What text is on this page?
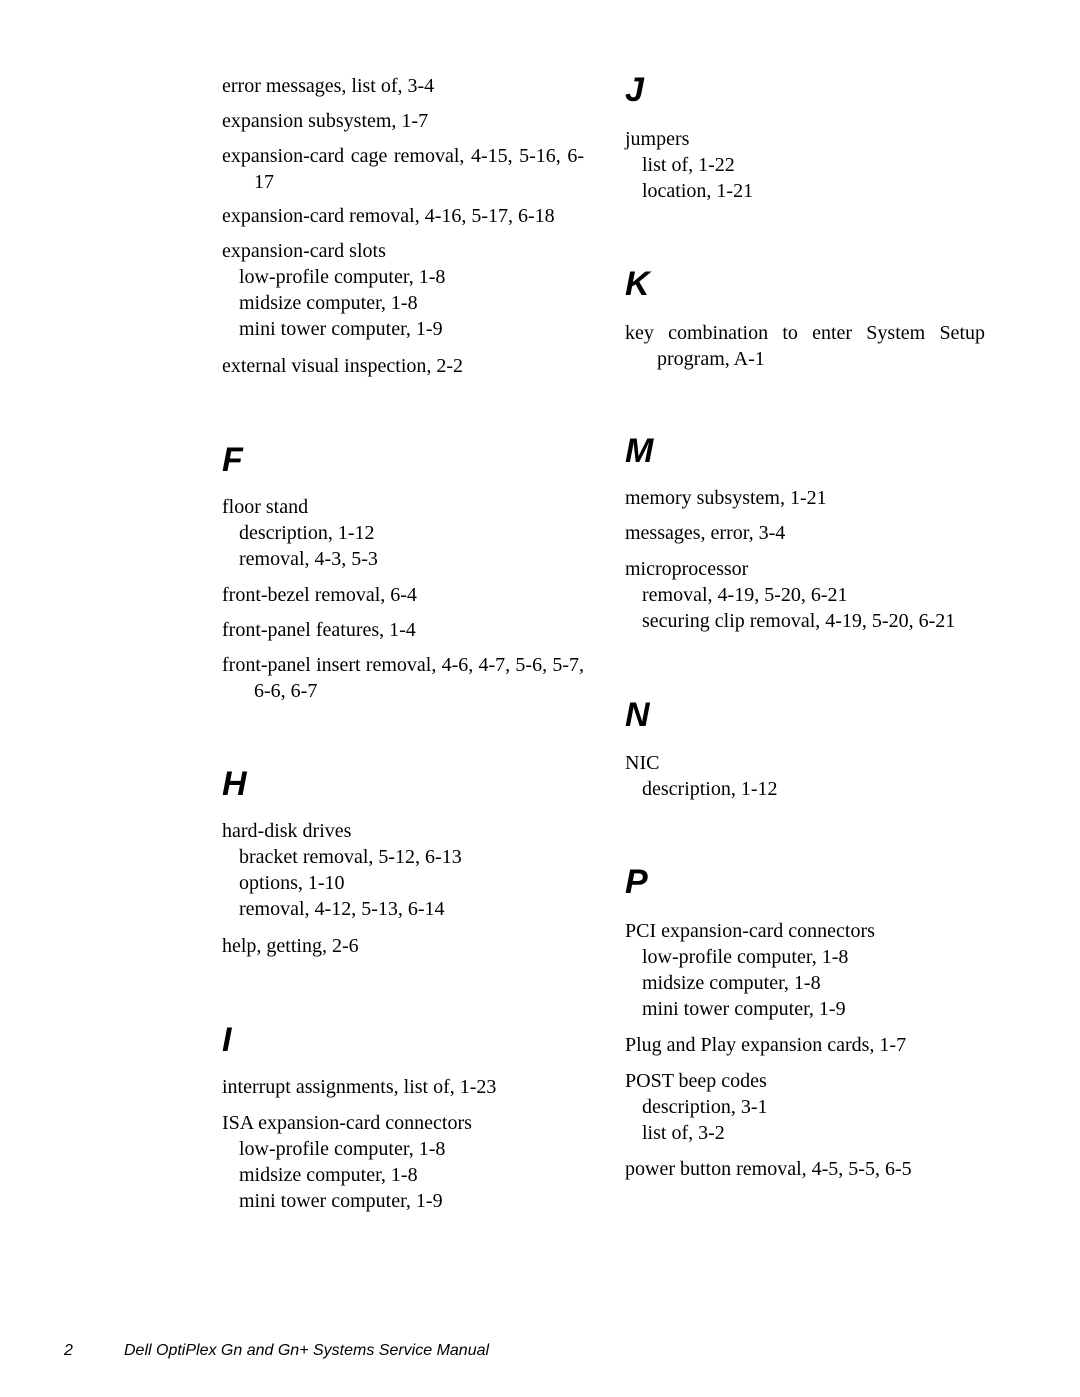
error messages, list of, 3-4
expansion subsystem, 1-7
expansion-card cage removal, 4-15, 5-16, 6-17
expansion-card removal, 4-16, 5-17, 6-18
expansion-card slots
low-profile computer, 1-8
midsize computer, 1-8
mini tower computer, 1-9
external visual inspection, 2-2
F
floor stand
description, 1-12
removal, 4-3, 5-3
front-bezel removal, 6-4
front-panel features, 1-4
front-panel insert removal, 4-6, 4-7, 5-6, 5-7, 6-6, 6-7
H
hard-disk drives
bracket removal, 5-12, 6-13
options, 1-10
removal, 4-12, 5-13, 6-14
help, getting, 2-6
I
interrupt assignments, list of, 1-23
ISA expansion-card connectors
low-profile computer, 1-8
midsize computer, 1-8
mini tower computer, 1-9
J
jumpers
list of, 1-22
location, 1-21
K
key combination to enter System Setup program, A-1
M
memory subsystem, 1-21
messages, error, 3-4
microprocessor
removal, 4-19, 5-20, 6-21
securing clip removal, 4-19, 5-20, 6-21
N
NIC
description, 1-12
P
PCI expansion-card connectors
low-profile computer, 1-8
midsize computer, 1-8
mini tower computer, 1-9
Plug and Play expansion cards, 1-7
POST beep codes
description, 3-1
list of, 3-2
power button removal, 4-5, 5-5, 6-5
2	Dell OptiPlex Gn and Gn+ Systems Service Manual
